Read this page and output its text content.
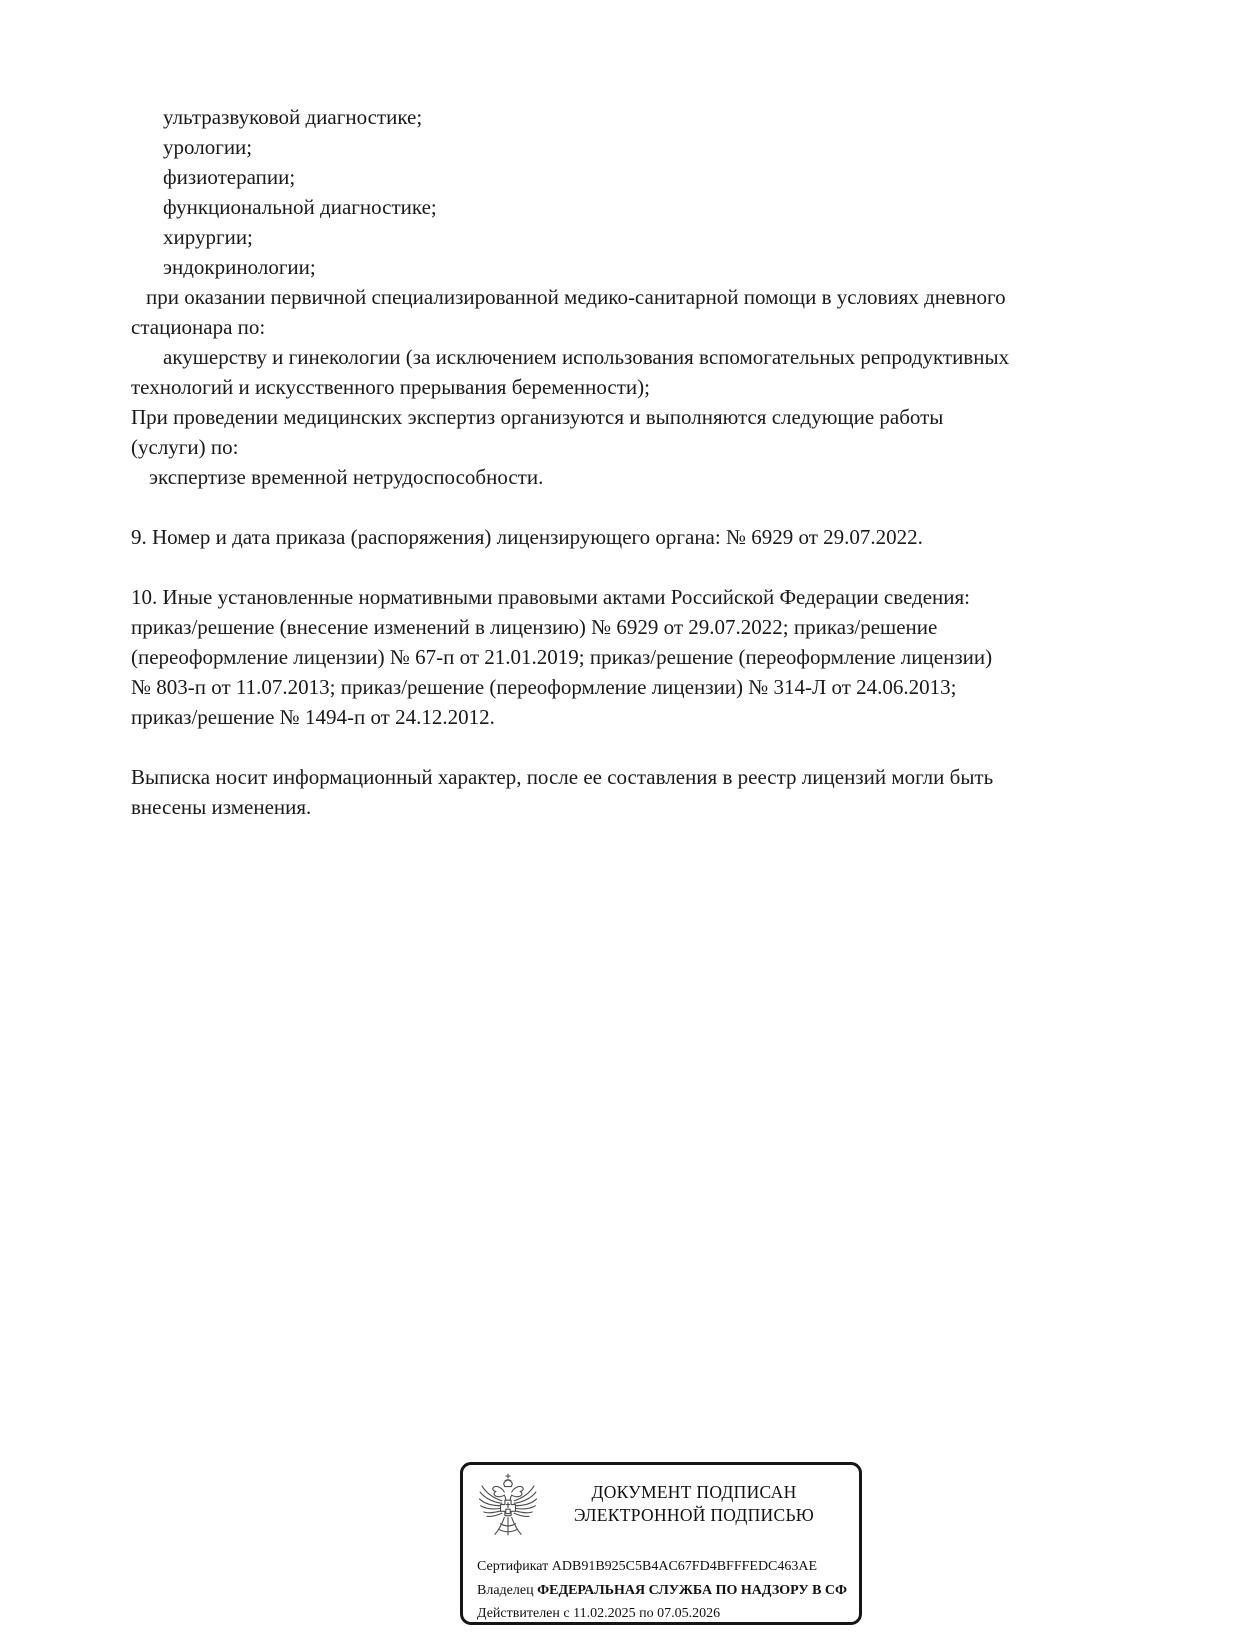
ультразвуковой диагностике;
урологии;
физиотерапии;
функциональной диагностике;
хирургии;
эндокринологии;
при оказании первичной специализированной медико-санитарной помощи в условиях дневного
стационара по:
акушерству и гинекологии (за исключением использования вспомогательных репродуктивных
технологий и искусственного прерывания беременности);
При проведении медицинских экспертиз организуются и выполняются следующие работы
(услуги) по:
экспертизе временной нетрудоспособности.
9. Номер и дата приказа (распоряжения) лицензирующего органа: № 6929 от 29.07.2022.
10. Иные установленные нормативными правовыми актами Российской Федерации сведения:
приказ/решение (внесение изменений в лицензию) № 6929 от 29.07.2022; приказ/решение
(переоформление лицензии) № 67-п от 21.01.2019; приказ/решение (переоформление лицензии)
№ 803-п от 11.07.2013; приказ/решение (переоформление лицензии) № 314-Л от 24.06.2013;
приказ/решение № 1494-п от 24.12.2012.
Выписка носит информационный характер, после ее составления в реестр лицензий могли быть
внесены изменения.
ДОКУМЕНТ ПОДПИСАН
ЭЛЕКТРОННОЙ ПОДПИСЬЮ
Сертификат ADB91B925C5B4AC67FD4BFFFEDC463AE
Владелец ФЕДЕРАЛЬНАЯ СЛУЖБА ПО НАДЗОРУ В СФ
Действителен с 11.02.2025 по 07.05.2026
